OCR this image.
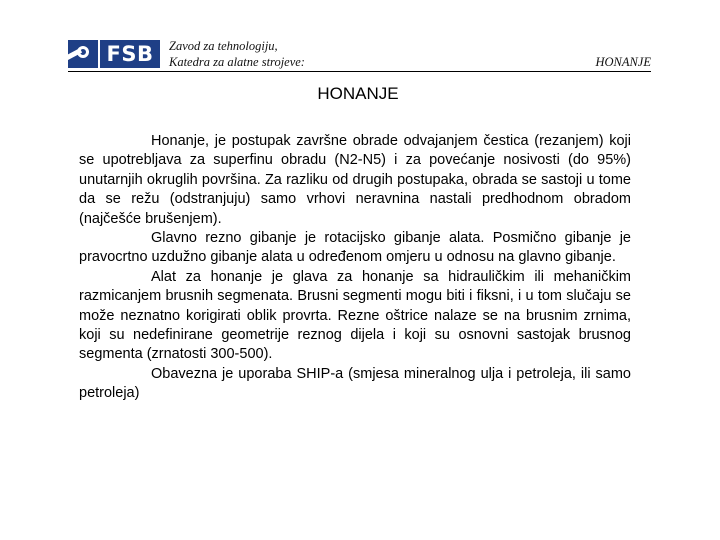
FSB	Zavod za tehnologiju,
Katedra za alatne strojeve:	HONANJE
HONANJE

Honanje, je postupak završne obrade odvajanjem čestica (rezanjem) koji se upotrebljava za superfinu obradu (N2-N5) i za povećanje nosivosti (do 95%) unutarnjih okruglih površina. Za razliku od drugih postupaka, obrada se sastoji u tome da se režu (odstranjuju) samo vrhovi neravnina nastali predhodnom obradom (najčešće brušenjem).

Glavno rezno gibanje je rotacijsko gibanje alata. Posmično gibanje je pravocrtno uzdužno gibanje alata u određenom omjeru u odnosu na glavno gibanje.

Alat za honanje je glava za honanje sa hidrauličkim ili mehaničkim razmicanjem brusnih segmenata. Brusni segmenti mogu biti i fiksni, i u tom slučaju se može neznatno korigirati oblik provrta. Rezne oštrice nalaze se na brusnim zrnima, koji su nedefinirane geometrije reznog dijela i koji su osnovni sastojak brusnog segmenta (zrnatosti 300-500).

Obavezna je uporaba SHIP-a (smjesa mineralnog ulja i petroleja, ili samo petroleja)
